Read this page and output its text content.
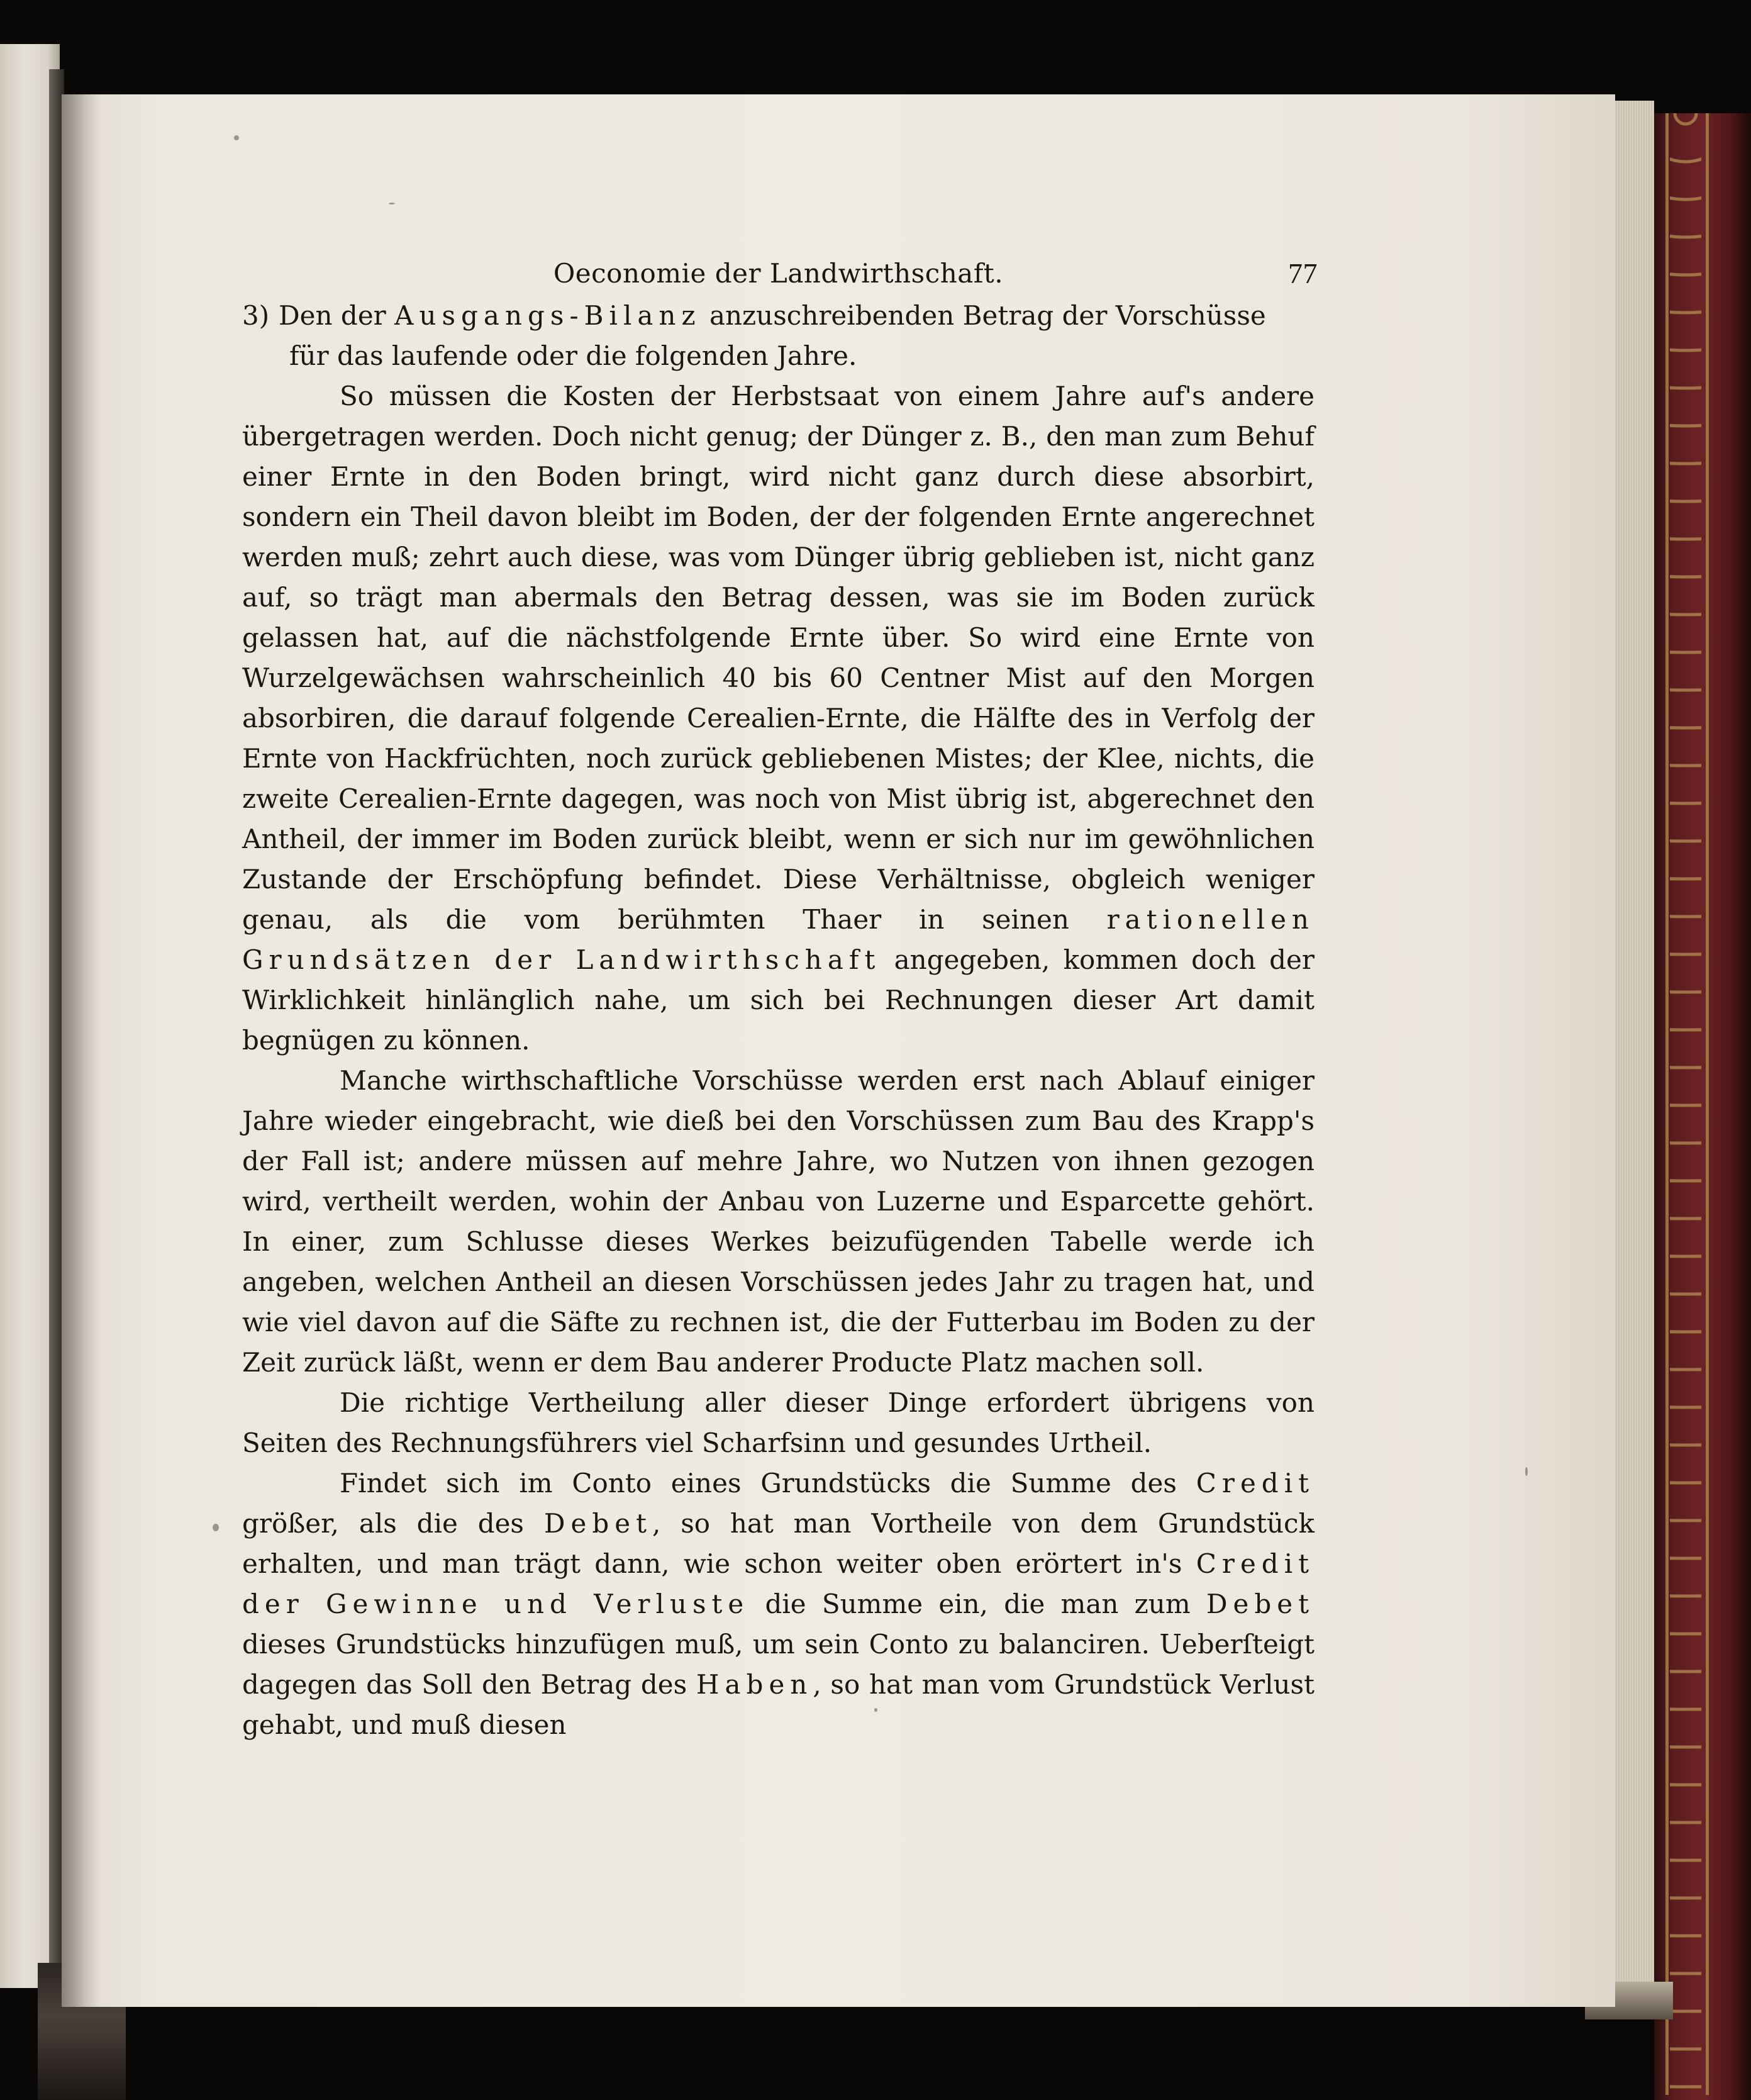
Oeconomie der Landwirthschaft.	77

3) Den der Ausgangs-Bilanz anzuschreibenden Betrag der Vorschüsse

für das laufende oder die folgenden Jahre.

So müssen die Kosten der Herbstsaat von einem Jahre auf's andere übergetragen werden. Doch nicht genug; der Dünger z. B., den man zum Behuf einer Ernte in den Boden bringt, wird nicht ganz durch diese absorbirt, sondern ein Theil davon bleibt im Boden, der der folgenden Ernte angerechnet werden muß; zehrt auch diese, was vom Dünger übrig geblieben ist, nicht ganz auf, so trägt man abermals den Betrag dessen, was sie im Boden zurück gelassen hat, auf die nächstfolgende Ernte über. So wird eine Ernte von Wurzelgewächsen wahrscheinlich 40 bis 60 Centner Mist auf den Morgen absorbiren, die darauf folgende Cerealien-Ernte, die Hälfte des in Verfolg der Ernte von Hackfrüchten, noch zurück gebliebenen Mistes; der Klee, nichts, die zweite Cerealien-Ernte dagegen, was noch von Mist übrig ist, abgerechnet den Antheil, der immer im Boden zurück bleibt, wenn er sich nur im gewöhnlichen Zustande der Erschöpfung befindet. Diese Verhältnisse, obgleich weniger genau, als die vom berühmten Thaer in seinen rationellen Grundsätzen der Landwirthschaft angegeben, kommen doch der Wirklichkeit hinlänglich nahe, um sich bei Rechnungen dieser Art damit begnügen zu können.

Manche wirthschaftliche Vorschüsse werden erst nach Ablauf einiger Jahre wieder eingebracht, wie dieß bei den Vorschüssen zum Bau des Krapp's der Fall ist; andere müssen auf mehre Jahre, wo Nutzen von ihnen gezogen wird, vertheilt werden, wohin der Anbau von Luzerne und Esparcette gehört. In einer, zum Schlusse dieses Werkes beizufügenden Tabelle werde ich angeben, welchen Antheil an diesen Vorschüssen jedes Jahr zu tragen hat, und wie viel davon auf die Säfte zu rechnen ist, die der Futterbau im Boden zu der Zeit zurück läßt, wenn er dem Bau anderer Producte Platz machen soll.

Die richtige Vertheilung aller dieser Dinge erfordert übrigens von Seiten des Rechnungsführers viel Scharfsinn und gesundes Urtheil.

Findet sich im Conto eines Grundstücks die Summe des Credit größer, als die des Debet, so hat man Vortheile von dem Grundstück erhalten, und man trägt dann, wie schon weiter oben erörtert in's Credit der Gewinne und Verluste die Summe ein, die man zum Debet dieses Grundstücks hinzufügen muß, um sein Conto zu balanciren. Ueberſteigt dagegen das Soll den Betrag des Haben, so hat man vom Grundstück Verlust gehabt, und muß diesen
